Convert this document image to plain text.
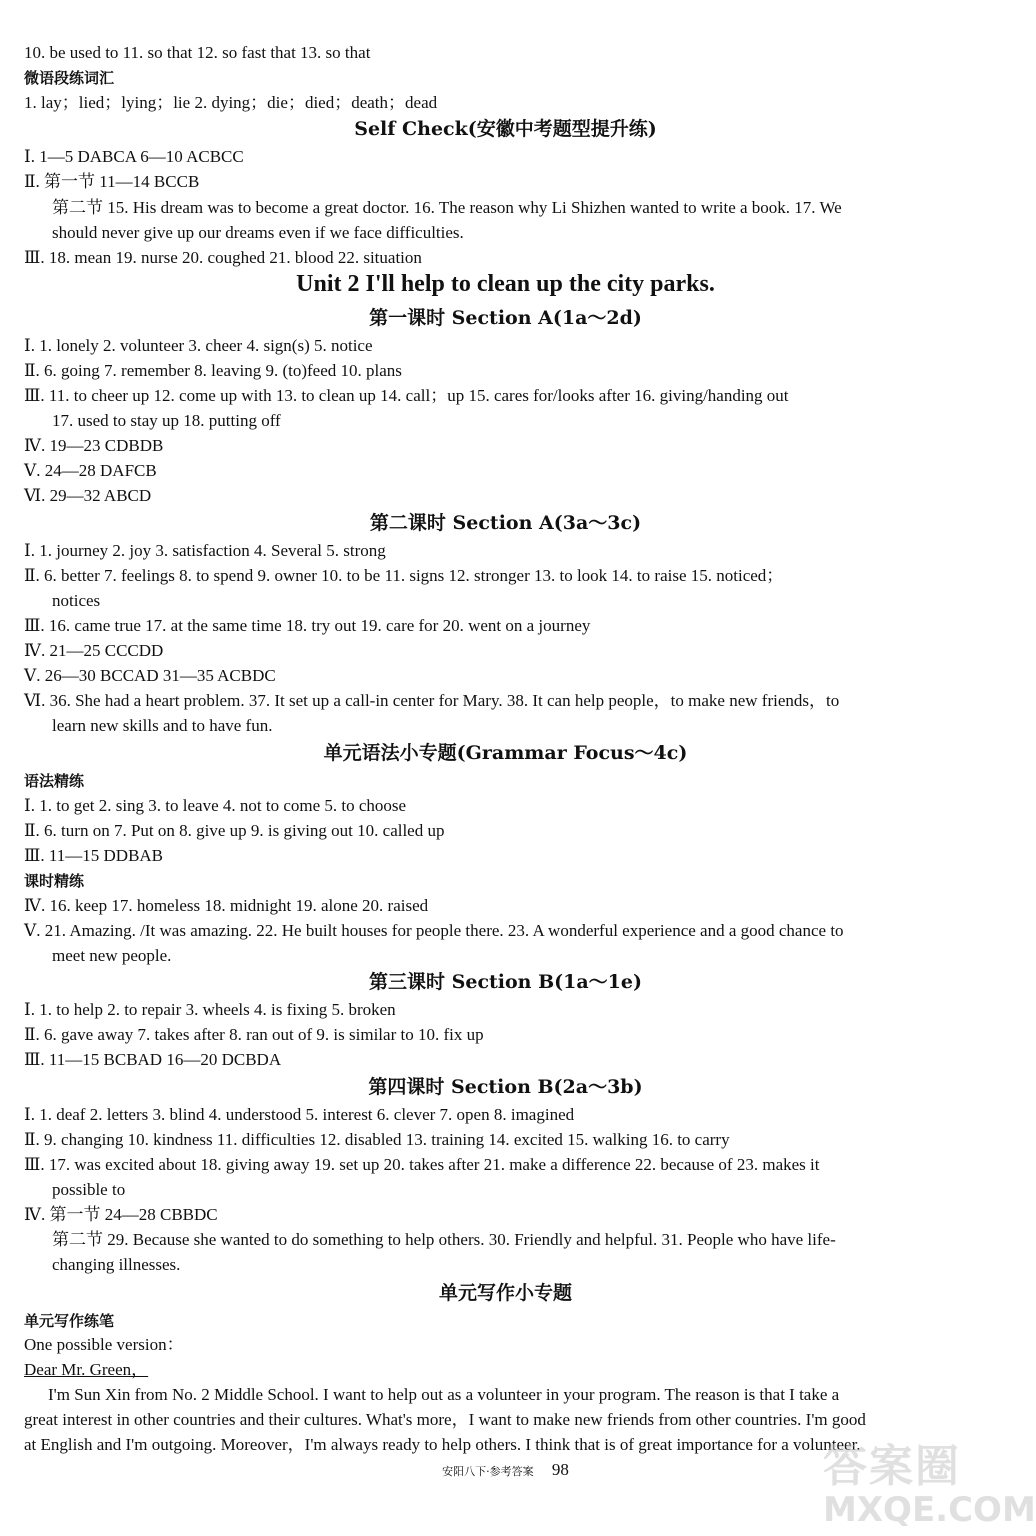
10. be used to 11. so that 12. so fast that 13. so that
微语段练词汇
1. lay；lied；lying；lie 2. dying；die；died；death；dead
Self Check(安徽中考题型提升练)
Ⅰ. 1—5 DABCA 6—10 ACBCC
Ⅱ. 第一节 11—14 BCCB
第二节 15. His dream was to become a great doctor. 16. The reason why Li Shizhen wanted to write a book. 17. We
should never give up our dreams even if we face difficulties.
Ⅲ. 18. mean 19. nurse 20. coughed 21. blood 22. situation
Unit 2 I'll help to clean up the city parks.
第一课时 Section A(1a～2d)
Ⅰ. 1. lonely 2. volunteer 3. cheer 4. sign(s) 5. notice
Ⅱ. 6. going 7. remember 8. leaving 9. (to)feed 10. plans
Ⅲ. 11. to cheer up 12. come up with 13. to clean up 14. call；up 15. cares for/looks after 16. giving/handing out
17. used to stay up 18. putting off
Ⅳ. 19—23 CDBDB
Ⅴ. 24—28 DAFCB
Ⅵ. 29—32 ABCD
第二课时 Section A(3a～3c)
Ⅰ. 1. journey 2. joy 3. satisfaction 4. Several 5. strong
Ⅱ. 6. better 7. feelings 8. to spend 9. owner 10. to be 11. signs 12. stronger 13. to look 14. to raise 15. noticed；
notices
Ⅲ. 16. came true 17. at the same time 18. try out 19. care for 20. went on a journey
Ⅳ. 21—25 CCCDD
Ⅴ. 26—30 BCCAD 31—35 ACBDC
Ⅵ. 36. She had a heart problem. 37. It set up a call-in center for Mary. 38. It can help people，to make new friends，to
learn new skills and to have fun.
单元语法小专题(Grammar Focus～4c)
语法精练
Ⅰ. 1. to get 2. sing 3. to leave 4. not to come 5. to choose
Ⅱ. 6. turn on 7. Put on 8. give up 9. is giving out 10. called up
Ⅲ. 11—15 DDBAB
课时精练
Ⅳ. 16. keep 17. homeless 18. midnight 19. alone 20. raised
Ⅴ. 21. Amazing. /It was amazing. 22. He built houses for people there. 23. A wonderful experience and a good chance to
meet new people.
第三课时 Section B(1a～1e)
Ⅰ. 1. to help 2. to repair 3. wheels 4. is fixing 5. broken
Ⅱ. 6. gave away 7. takes after 8. ran out of 9. is similar to 10. fix up
Ⅲ. 11—15 BCBAD 16—20 DCBDA
第四课时 Section B(2a～3b)
Ⅰ. 1. deaf 2. letters 3. blind 4. understood 5. interest 6. clever 7. open 8. imagined
Ⅱ. 9. changing 10. kindness 11. difficulties 12. disabled 13. training 14. excited 15. walking 16. to carry
Ⅲ. 17. was excited about 18. giving away 19. set up 20. takes after 21. make a difference 22. because of 23. makes it
possible to
Ⅳ. 第一节 24—28 CBBDC
第二节 29. Because she wanted to do something to help others. 30. Friendly and helpful. 31. People who have life-
changing illnesses.
单元写作小专题
单元写作练笔
One possible version：
Dear Mr. Green，
I'm Sun Xin from No. 2 Middle School. I want to help out as a volunteer in your program. The reason is that I take a
great interest in other countries and their cultures. What's more，I want to make new friends from other countries. I'm good
at English and I'm outgoing. Moreover，I'm always ready to help others. I think that is of great importance for a volunteer.
安阳八下·参考答案 98	答案圈
MXQE.COM
